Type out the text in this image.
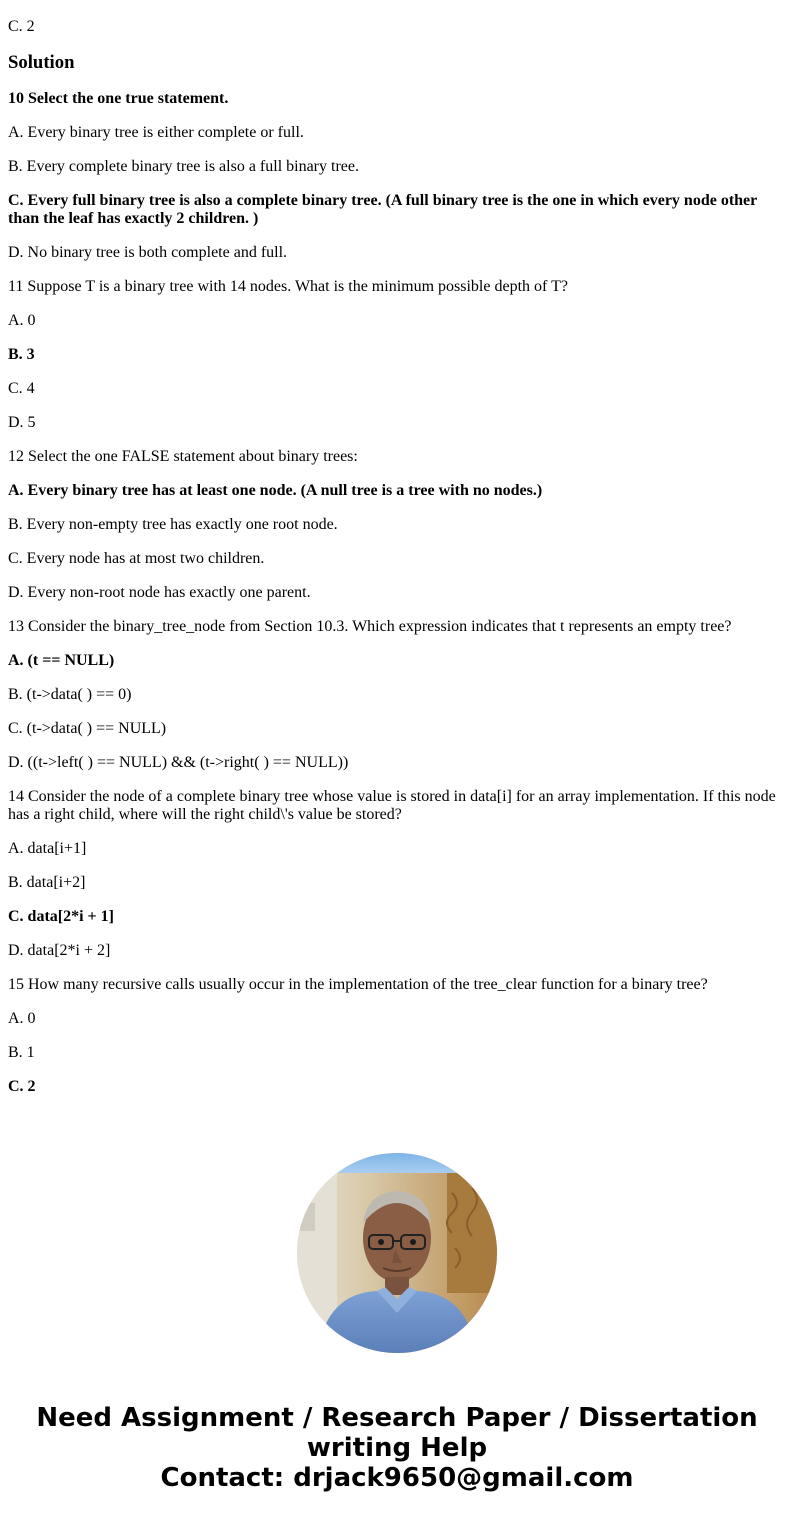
C. 2

Solution

10 Select the one true statement.

A. Every binary tree is either complete or full.

B. Every complete binary tree is also a full binary tree.

C. Every full binary tree is also a complete binary tree. (A full binary tree is the one in which every node other than the leaf has exactly 2 children. )

D. No binary tree is both complete and full.

11 Suppose T is a binary tree with 14 nodes. What is the minimum possible depth of T?

A. 0

B. 3

C. 4

D. 5

12 Select the one FALSE statement about binary trees:

A. Every binary tree has at least one node. (A null tree is a tree with no nodes.)

B. Every non-empty tree has exactly one root node.

C. Every node has at most two children.

D. Every non-root node has exactly one parent.

13 Consider the binary_tree_node from Section 10.3. Which expression indicates that t represents an empty tree?

A. (t == NULL)

B. (t->data( ) == 0)

C. (t->data( ) == NULL)

D. ((t->left( ) == NULL) && (t->right( ) == NULL))

14 Consider the node of a complete binary tree whose value is stored in data[i] for an array implementation. If this node has a right child, where will the right child\'s value be stored?

A. data[i+1]

B. data[i+2]

C. data[2*i + 1]

D. data[2*i + 2]

15 How many recursive calls usually occur in the implementation of the tree_clear function for a binary tree?

A. 0

B. 1

C. 2

Need Assignment / Research Paper / Dissertation
writing Help
Contact: drjack9650@gmail.com
